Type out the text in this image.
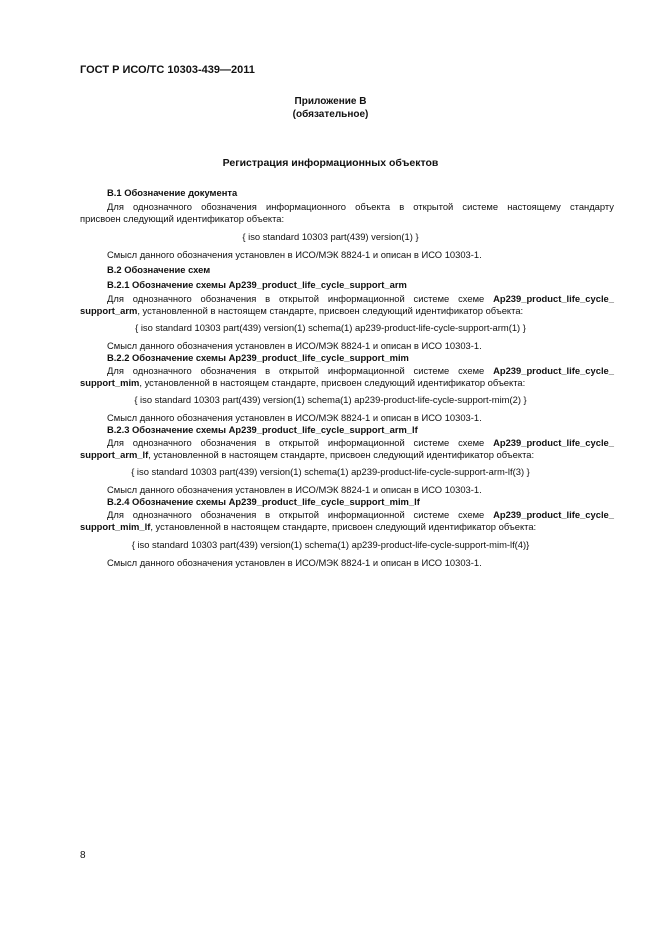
ГОСТ Р ИСО/ТС 10303-439—2011
Приложение В
(обязательное)
Регистрация информационных объектов
В.1 Обозначение документа
Для однозначного обозначения информационного объекта в открытой системе настоящему стандарту
присвоен следующий идентификатор объекта:
{ iso standard 10303 part(439) version(1) }
Смысл данного обозначения установлен в ИСО/МЭК 8824-1 и описан в ИСО 10303-1.
В.2 Обозначение схем
В.2.1 Обозначение схемы Ap239_product_life_cycle_support_arm
Для однозначного обозначения в открытой информационной системе схеме Ap239_product_life_cycle_
support_arm, установленной в настоящем стандарте, присвоен следующий идентификатор объекта:
{ iso standard 10303 part(439) version(1) schema(1) ap239-product-life-cycle-support-arm(1) }
Смысл данного обозначения установлен в ИСО/МЭК 8824-1 и описан в ИСО 10303-1.
В.2.2 Обозначение схемы Ap239_product_life_cycle_support_mim
Для однозначного обозначения в открытой информационной системе схеме Ap239_product_life_cycle_
support_mim, установленной в настоящем стандарте, присвоен следующий идентификатор объекта:
{ iso standard 10303 part(439) version(1) schema(1) ap239-product-life-cycle-support-mim(2) }
Смысл данного обозначения установлен в ИСО/МЭК 8824-1 и описан в ИСО 10303-1.
В.2.3 Обозначение схемы Ap239_product_life_cycle_support_arm_lf
Для однозначного обозначения в открытой информационной системе схеме Ap239_product_life_cycle_
support_arm_lf, установленной в настоящем стандарте, присвоен следующий идентификатор объекта:
{ iso standard 10303 part(439) version(1) schema(1) ap239-product-life-cycle-support-arm-lf(3) }
Смысл данного обозначения установлен в ИСО/МЭК 8824-1 и описан в ИСО 10303-1.
В.2.4 Обозначение схемы Ap239_product_life_cycle_support_mim_lf
Для однозначного обозначения в открытой информационной системе схеме Ap239_product_life_cycle_
support_mim_lf, установленной в настоящем стандарте, присвоен следующий идентификатор объекта:
{ iso standard 10303 part(439) version(1) schema(1) ap239-product-life-cycle-support-mim-lf(4)}
Смысл данного обозначения установлен в ИСО/МЭК 8824-1 и описан в ИСО 10303-1.
8
